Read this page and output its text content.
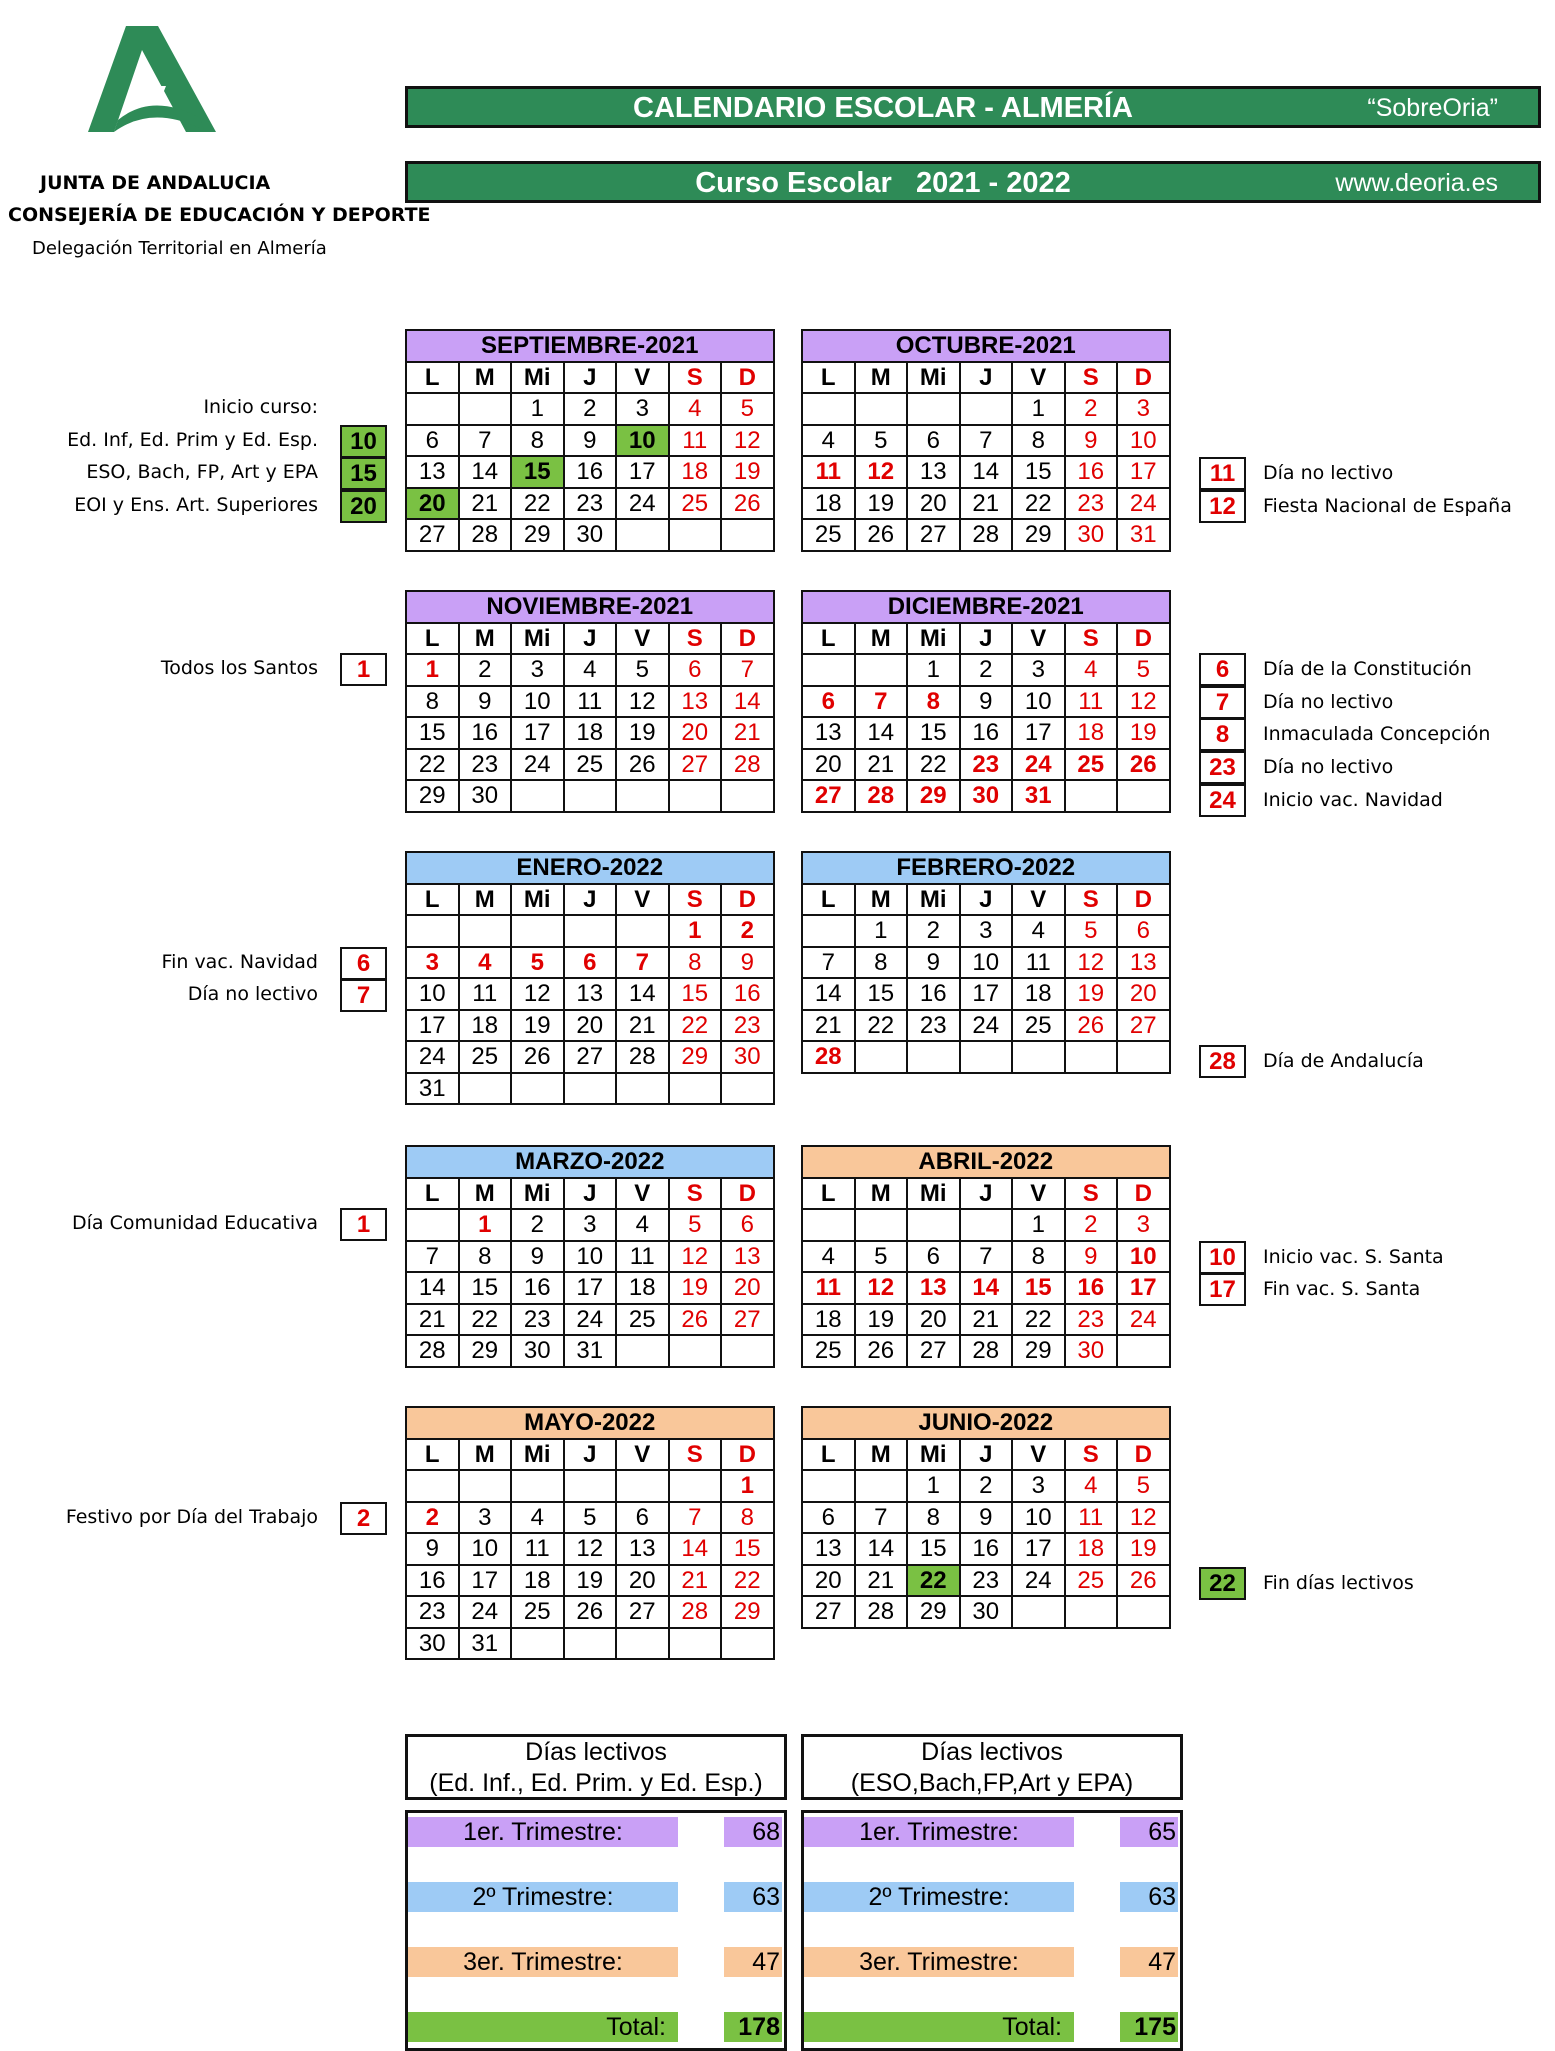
JUNTA DE ANDALUCIA
CONSEJERÍA DE EDUCACIÓN Y DEPORTE
Delegación Territorial en Almería
CALENDARIO ESCOLAR - ALMERÍA	“SobreOria”
Curso Escolar   2021 - 2022	www.deoria.es
SEPTIEMBRE-2021						
L	M	Mi	J	V	S	D
		1	2	3	4	5
6	7	8	9	10	11	12
13	14	15	16	17	18	19
20	21	22	23	24	25	26
27	28	29	30			
OCTUBRE-2021						
L	M	Mi	J	V	S	D
				1	2	3
4	5	6	7	8	9	10
11	12	13	14	15	16	17
18	19	20	21	22	23	24
25	26	27	28	29	30	31
NOVIEMBRE-2021						
L	M	Mi	J	V	S	D
1	2	3	4	5	6	7
8	9	10	11	12	13	14
15	16	17	18	19	20	21
22	23	24	25	26	27	28
29	30					
DICIEMBRE-2021						
L	M	Mi	J	V	S	D
		1	2	3	4	5
6	7	8	9	10	11	12
13	14	15	16	17	18	19
20	21	22	23	24	25	26
27	28	29	30	31		
ENERO-2022						
L	M	Mi	J	V	S	D
					1	2
3	4	5	6	7	8	9
10	11	12	13	14	15	16
17	18	19	20	21	22	23
24	25	26	27	28	29	30
31						
FEBRERO-2022						
L	M	Mi	J	V	S	D
	1	2	3	4	5	6
7	8	9	10	11	12	13
14	15	16	17	18	19	20
21	22	23	24	25	26	27
28						
MARZO-2022						
L	M	Mi	J	V	S	D
	1	2	3	4	5	6
7	8	9	10	11	12	13
14	15	16	17	18	19	20
21	22	23	24	25	26	27
28	29	30	31			
ABRIL-2022						
L	M	Mi	J	V	S	D
				1	2	3
4	5	6	7	8	9	10
11	12	13	14	15	16	17
18	19	20	21	22	23	24
25	26	27	28	29	30	
MAYO-2022						
L	M	Mi	J	V	S	D
						1
2	3	4	5	6	7	8
9	10	11	12	13	14	15
16	17	18	19	20	21	22
23	24	25	26	27	28	29
30	31					
JUNIO-2022						
L	M	Mi	J	V	S	D
		1	2	3	4	5
6	7	8	9	10	11	12
13	14	15	16	17	18	19
20	21	22	23	24	25	26
27	28	29	30			
Inicio curso:
Ed. Inf, Ed. Prim y Ed. Esp.	10
ESO, Bach, FP, Art y EPA	15
EOI y Ens. Art. Superiores	20
Todos los Santos	1
Fin vac. Navidad	6
Día no lectivo	7
Día Comunidad Educativa	1
Festivo por Día del Trabajo	2
11	Día no lectivo
12	Fiesta Nacional de España
6	Día de la Constitución
7	Día no lectivo
8	Inmaculada Concepción
23	Día no lectivo
24	Inicio vac. Navidad
28	Día de Andalucía
10	Inicio vac. S. Santa
17	Fin vac. S. Santa
22	Fin días lectivos
Días lectivos
(Ed. Inf., Ed. Prim. y Ed. Esp.)
Días lectivos
(ESO,Bach,FP,Art y EPA)
1er. Trimestre:	68
2º Trimestre:	63
3er. Trimestre:	47
Total:	178
1er. Trimestre:	65
2º Trimestre:	63
3er. Trimestre:	47
Total:	175
